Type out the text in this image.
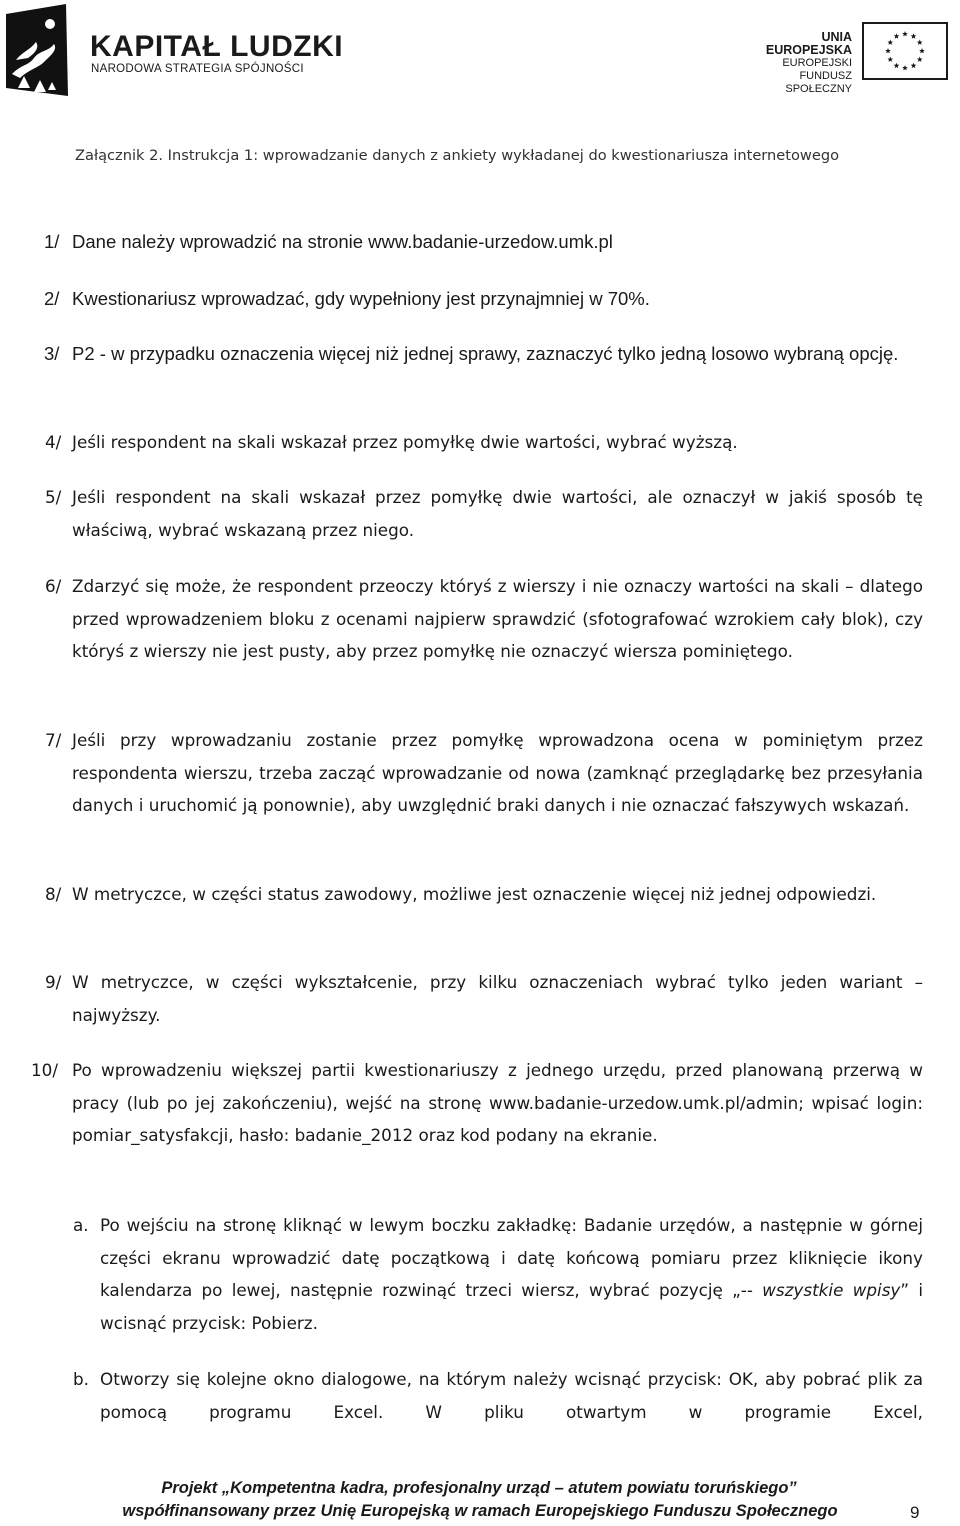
KAPITAŁ LUDZKI
NARODOWA STRATEGIA SPÓJNOŚCI
UNIA EUROPEJSKA
EUROPEJSKI
FUNDUSZ SPOŁECZNY
Załącznik 2. Instrukcja 1: wprowadzanie danych z ankiety wykładanej do kwestionariusza internetowego
1/ Dane należy wprowadzić na stronie www.badanie-urzedow.umk.pl
2/ Kwestionariusz wprowadzać, gdy wypełniony jest przynajmniej w 70%.
3/ P2 - w przypadku oznaczenia więcej niż jednej sprawy, zaznaczyć tylko jedną losowo wybraną opcję.
4/ Jeśli respondent na skali wskazał przez pomyłkę dwie wartości, wybrać wyższą.
5/ Jeśli respondent na skali wskazał przez pomyłkę dwie wartości, ale oznaczył w jakiś sposób tę właściwą, wybrać wskazaną przez niego.
6/ Zdarzyć się może, że respondent przeoczy któryś z wierszy i nie oznaczy wartości na skali – dlatego przed wprowadzeniem bloku z ocenami najpierw sprawdzić (sfotografować wzrokiem cały blok), czy któryś z wierszy nie jest pusty, aby przez pomyłkę nie oznaczyć wiersza pominiętego.
7/ Jeśli przy wprowadzaniu zostanie przez pomyłkę wprowadzona ocena w pominiętym przez respondenta wierszu, trzeba zacząć wprowadzanie od nowa (zamknąć przeglądarkę bez przesyłania danych i uruchomić ją ponownie), aby uwzględnić braki danych i nie oznaczać fałszywych wskazań.
8/ W metryczce, w części status zawodowy, możliwe jest oznaczenie więcej niż jednej odpowiedzi.
9/ W metryczce, w części wykształcenie, przy kilku oznaczeniach wybrać tylko jeden wariant – najwyższy.
10/ Po wprowadzeniu większej partii kwestionariuszy z jednego urzędu, przed planowaną przerwą w pracy (lub po jej zakończeniu), wejść na stronę www.badanie-urzedow.umk.pl/admin; wpisać login: pomiar_satysfakcji, hasło: badanie_2012 oraz kod podany na ekranie.
a. Po wejściu na stronę kliknąć w lewym boczku zakładkę: Badanie urzędów, a następnie w górnej części ekranu wprowadzić datę początkową i datę końcową pomiaru przez kliknięcie ikony kalendarza po lewej, następnie rozwinąć trzeci wiersz, wybrać pozycję „-- wszystkie wpisy” i wcisnąć przycisk: Pobierz.
b. Otworzy się kolejne okno dialogowe, na którym należy wcisnąć przycisk: OK, aby pobrać plik za pomocą programu Excel. W pliku otwartym w programie Excel,
Projekt „Kompetentna kadra, profesjonalny urząd – atutem powiatu toruńskiego”
współfinansowany przez Unię Europejską w ramach Europejskiego Funduszu Społecznego	9
